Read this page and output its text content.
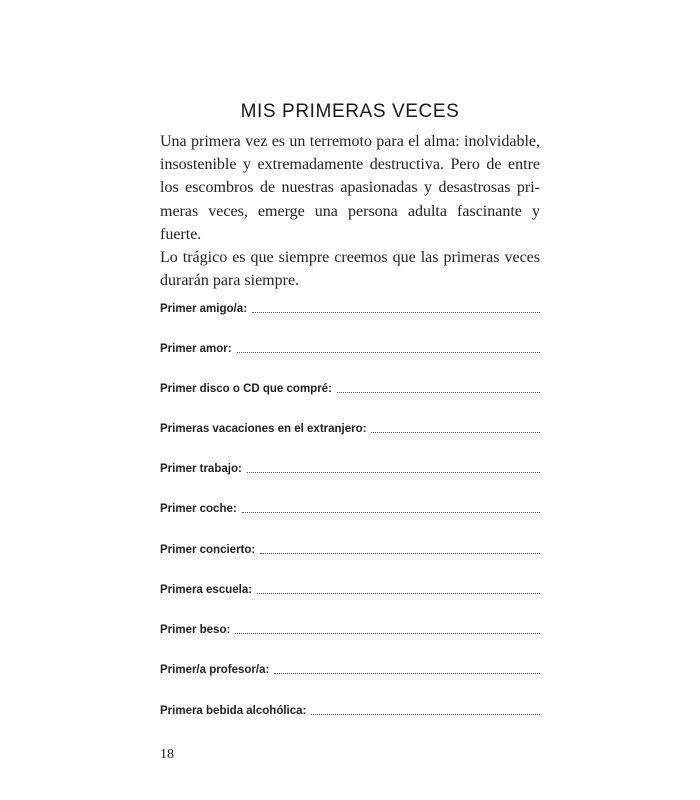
MIS PRIMERAS VECES
Una primera vez es un terremoto para el alma: inolvidable,
insostenible y extremadamente destructiva. Pero de entre
los escombros de nuestras apasionadas y desastrosas pri-
meras veces, emerge una persona adulta fascinante y fuerte.
Lo trágico es que siempre creemos que las primeras veces
durarán para siempre.
Primer amigo/a:
Primer amor:
Primer disco o CD que compré:
Primeras vacaciones en el extranjero:
Primer trabajo:
Primer coche:
Primer concierto:
Primera escuela:
Primer beso:
Primer/a profesor/a:
Primera bebida alcohólica:
18
